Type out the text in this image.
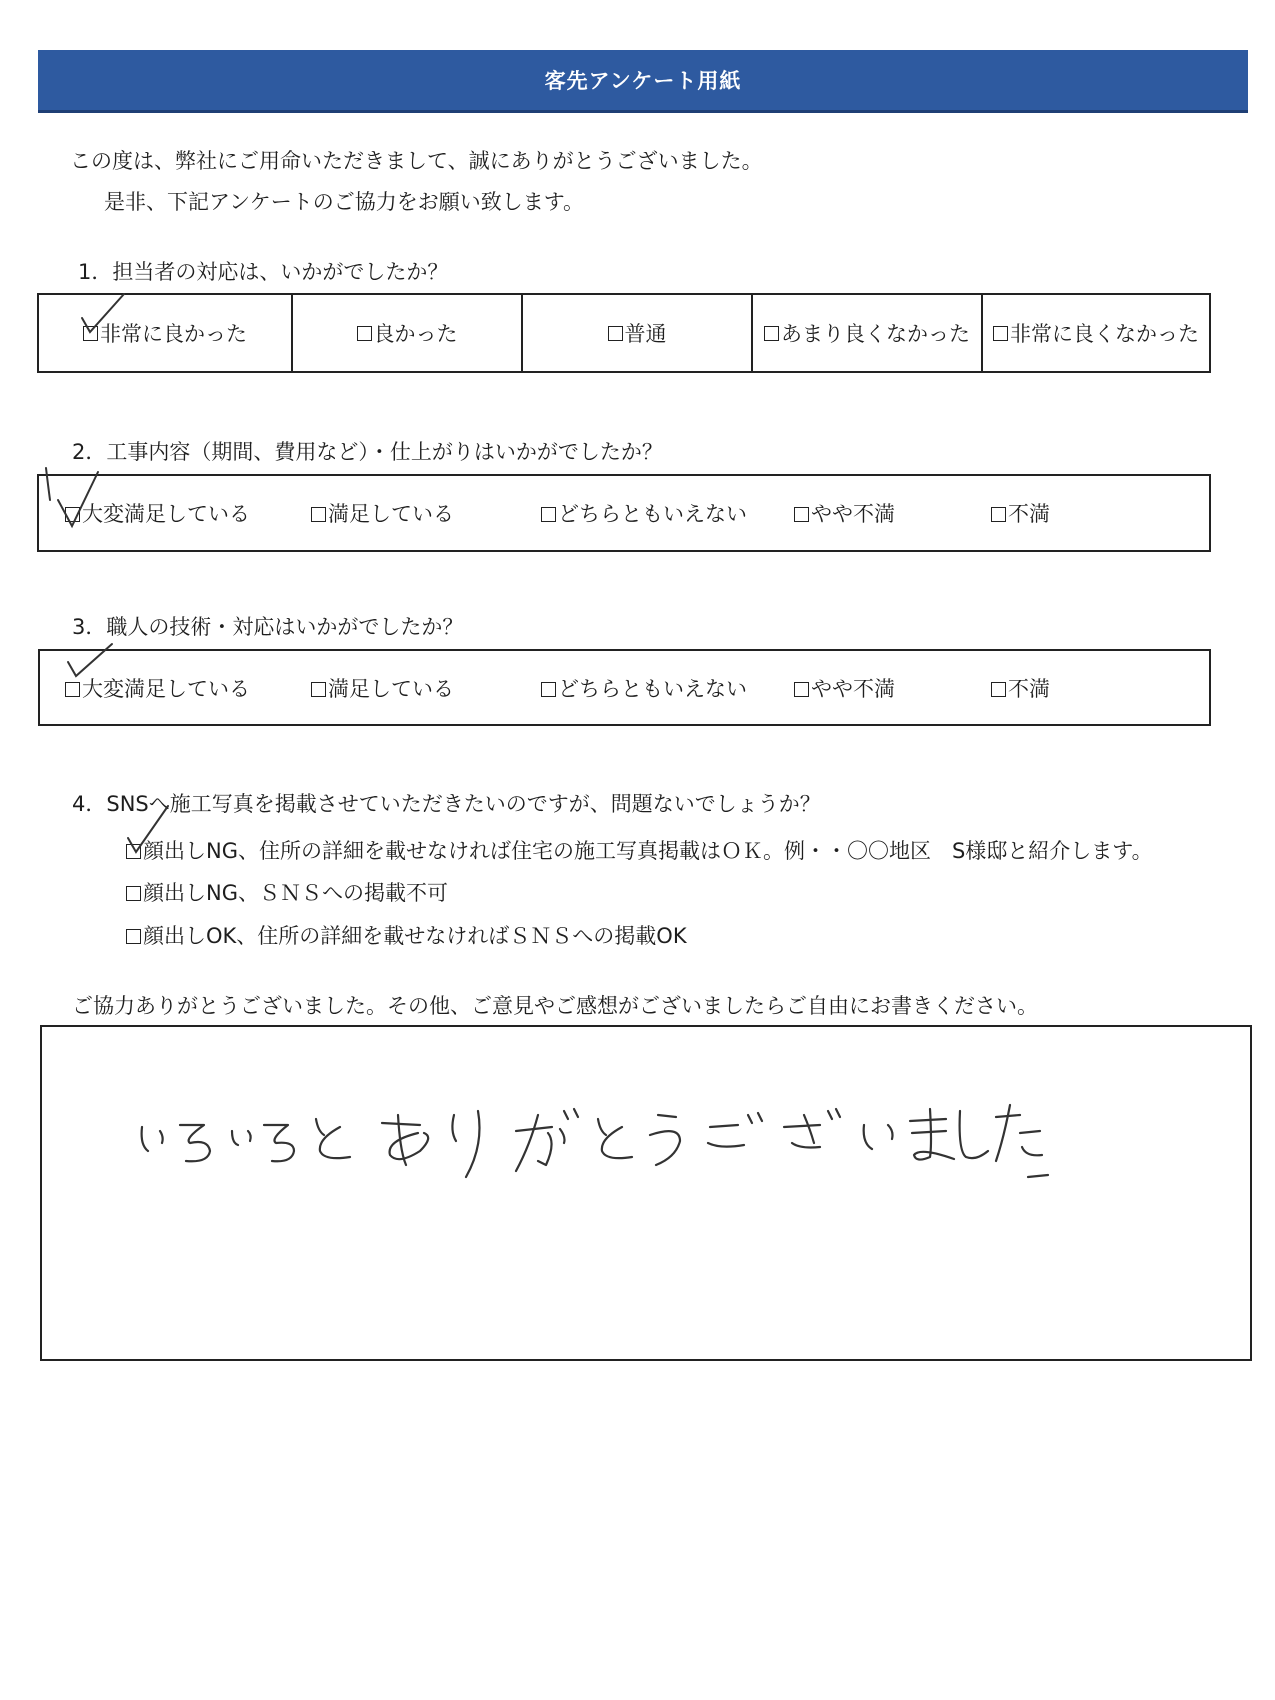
客先アンケート用紙
この度は、弊社にご用命いただきまして、誠にありがとうございました。
是非、下記アンケートのご協力をお願い致します。
1．担当者の対応は、いかがでしたか？
非常に良かった	良かった	普通	あまり良くなかった 非常に良くなかった
2．工事内容（期間、費用など）・仕上がりはいかがでしたか？
大変満足している	満足している	どちらともいえない	やや不満	不満
3．職人の技術・対応はいかがでしたか？
大変満足している	満足している	どちらともいえない	やや不満	不満
4．SNSへ施工写真を掲載させていただきたいのですが、問題ないでしょうか？
顔出しNG、住所の詳細を載せなければ住宅の施工写真掲載はＯＫ。例・・〇〇地区　S様邸と紹介します。
顔出しNG、ＳＮＳへの掲載不可
顔出しOK、住所の詳細を載せなければＳＮＳへの掲載OK
ご協力ありがとうございました。その他、ご意見やご感想がございましたらご自由にお書きください。
